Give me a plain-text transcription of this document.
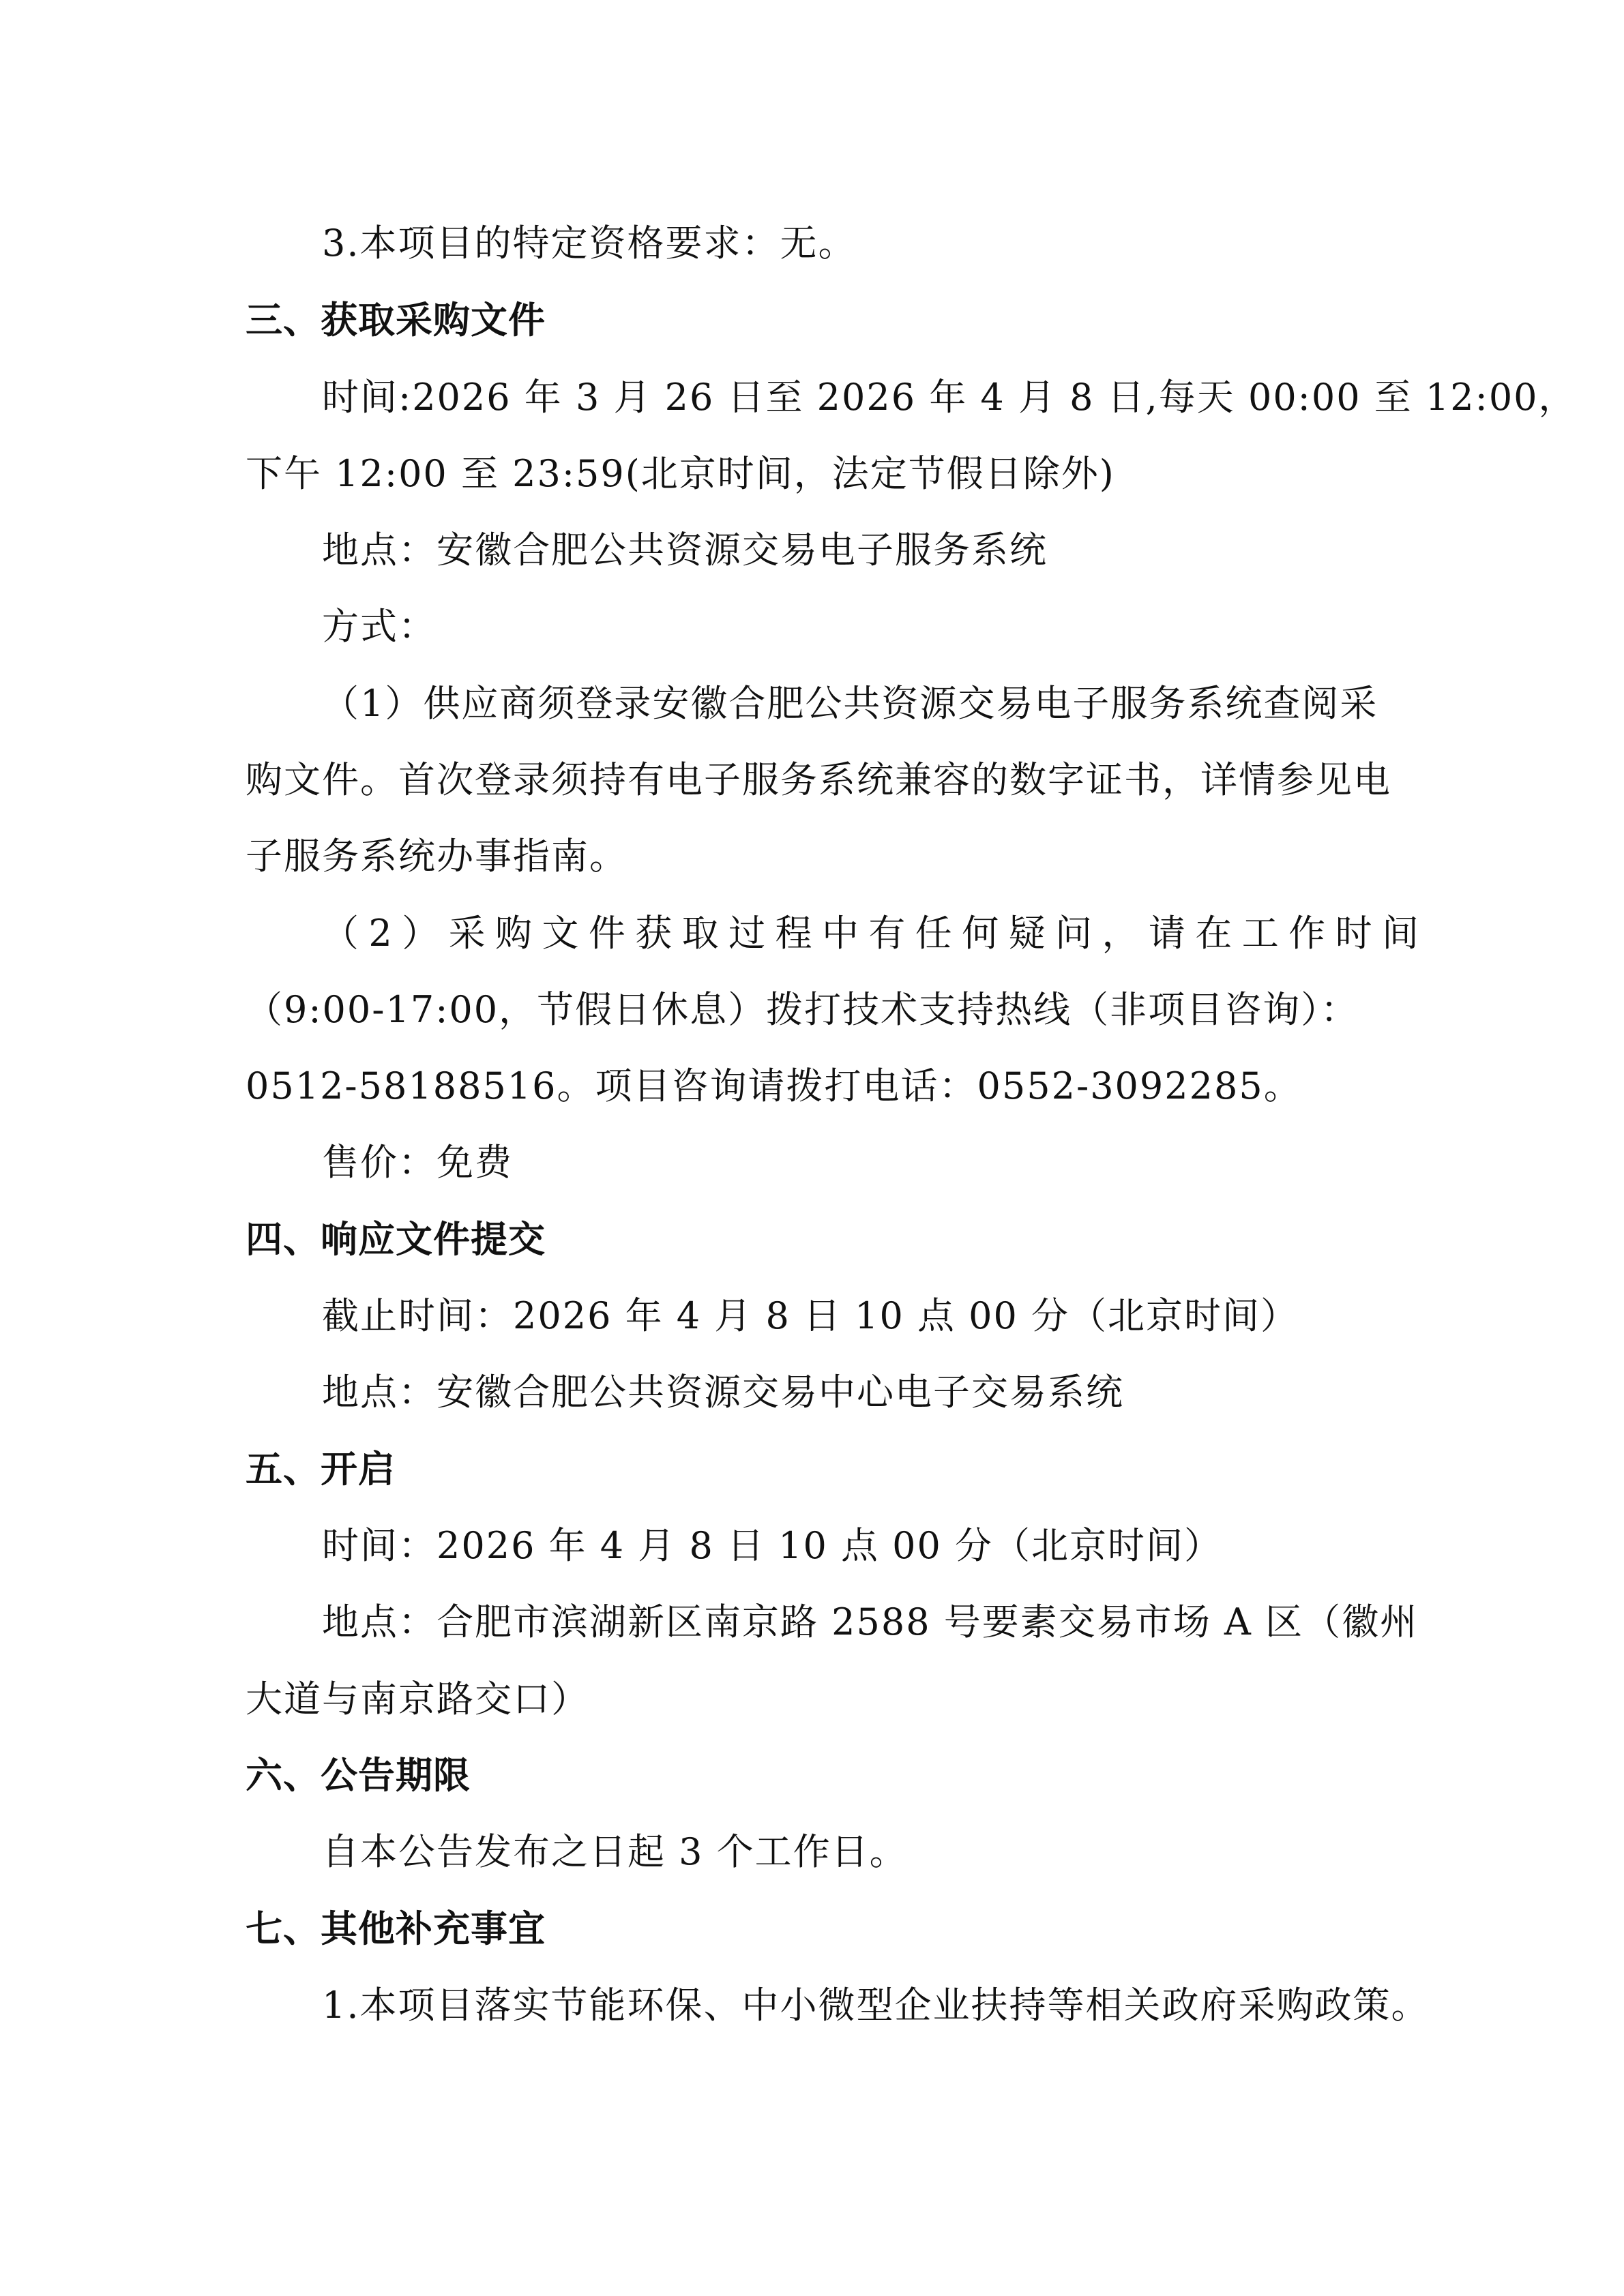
3.本项目的特定资格要求：无。
三、获取采购文件
时间:2026 年 3 月 26 日至 2026 年 4 月 8 日,每天 00:00 至 12:00，
下午 12:00 至 23:59(北京时间，法定节假日除外)
地点：安徽合肥公共资源交易电子服务系统
方式：
（1）供应商须登录安徽合肥公共资源交易电子服务系统查阅采
购文件。首次登录须持有电子服务系统兼容的数字证书，详情参见电
子服务系统办事指南。
（2）采购文件获取过程中有任何疑问，请在工作时间
（9:00-17:00，节假日休息）拨打技术支持热线（非项目咨询）：
0512-58188516。项目咨询请拨打电话：0552-3092285。
售价：免费
四、响应文件提交
截止时间：2026 年 4 月 8 日 10 点 00 分（北京时间）
地点：安徽合肥公共资源交易中心电子交易系统
五、开启
时间：2026 年 4 月 8 日 10 点 00 分（北京时间）
地点：合肥市滨湖新区南京路 2588 号要素交易市场 A 区（徽州
大道与南京路交口）
六、公告期限
自本公告发布之日起 3 个工作日。
七、其他补充事宜
1.本项目落实节能环保、中小微型企业扶持等相关政府采购政策。
